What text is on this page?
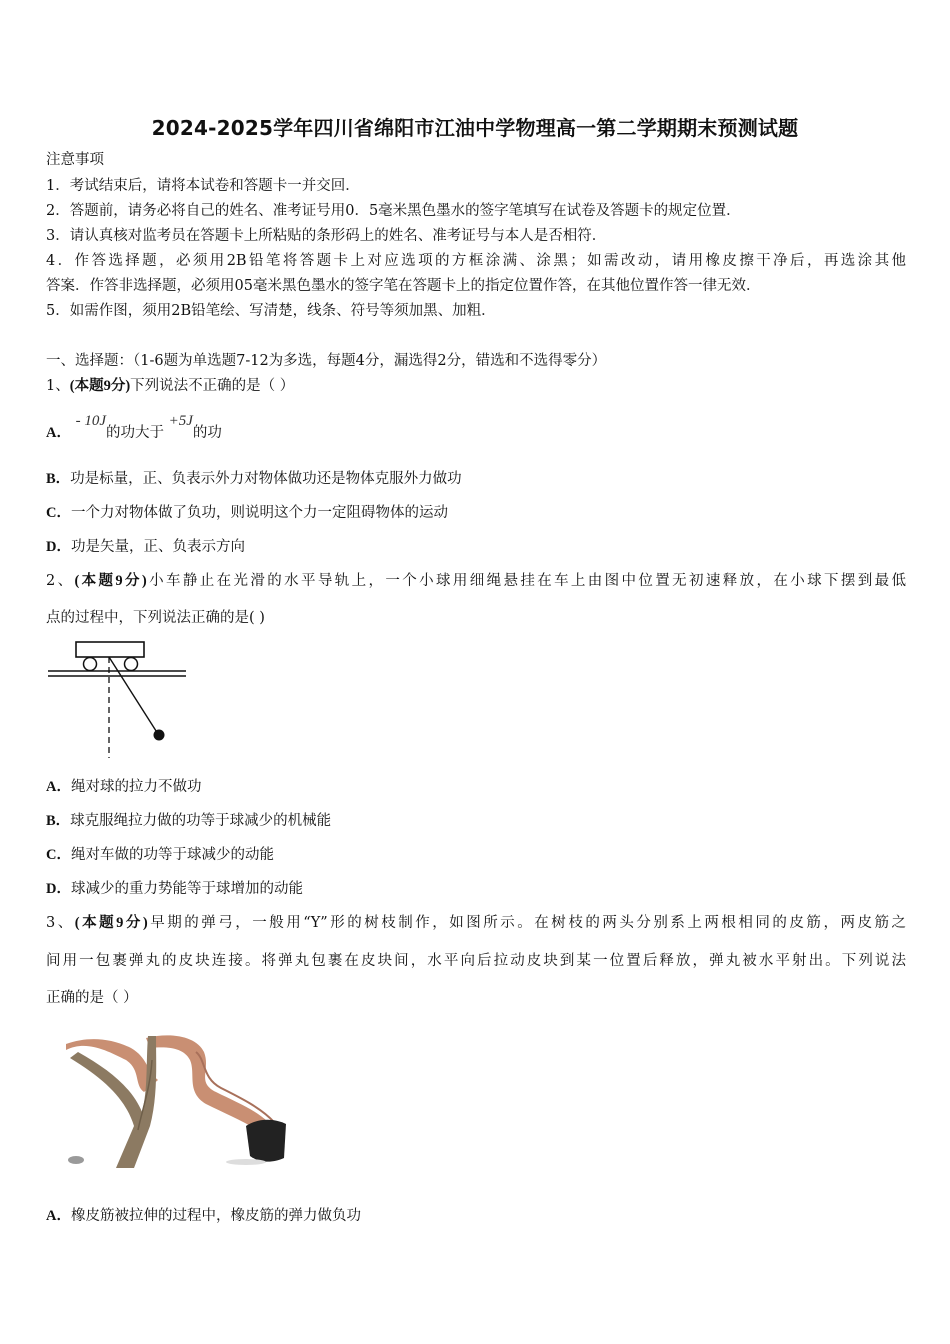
2024-2025学年四川省绵阳市江油中学物理高一第二学期期末预测试题
注意事项
1．考试结束后，请将本试卷和答题卡一并交回．
2．答题前，请务必将自己的姓名、准考证号用0．5毫米黑色墨水的签字笔填写在试卷及答题卡的规定位置．
3．请认真核对监考员在答题卡上所粘贴的条形码上的姓名、准考证号与本人是否相符．
4．作答选择题，必须用2B铅笔将答题卡上对应选项的方框涂满、涂黑；如需改动，请用橡皮擦干净后，再选涂其他
答案．作答非选择题，必须用05毫米黑色墨水的签字笔在答题卡上的指定位置作答，在其他位置作答一律无效．
5．如需作图，须用2B铅笔绘、写清楚，线条、符号等须加黑、加粗．
一、选择题：（1-6题为单选题7-12为多选，每题4分，漏选得2分，错选和不选得零分）
1、(本题9分)下列说法不正确的是（ ）
A． - 10J的功大于 +5J的功
B．功是标量，正、负表示外力对物体做功还是物体克服外力做功
C．一个力对物体做了负功，则说明这个力一定阻碍物体的运动
D．功是矢量，正、负表示方向
2、(本题9分)小车静止在光滑的水平导轨上，一个小球用细绳悬挂在车上由图中位置无初速释放，在小球下摆到最低
点的过程中，下列说法正确的是( )
A．绳对球的拉力不做功
B．球克服绳拉力做的功等于球减少的机械能
C．绳对车做的功等于球减少的动能
D．球减少的重力势能等于球增加的动能
3、(本题9分)早期的弹弓，一般用“Y”形的树枝制作，如图所示。在树枝的两头分别系上两根相同的皮筋，两皮筋之
间用一包裹弹丸的皮块连接。将弹丸包裹在皮块间，水平向后拉动皮块到某一位置后释放，弹丸被水平射出。下列说法
正确的是（ ）
A．橡皮筋被拉伸的过程中，橡皮筋的弹力做负功
